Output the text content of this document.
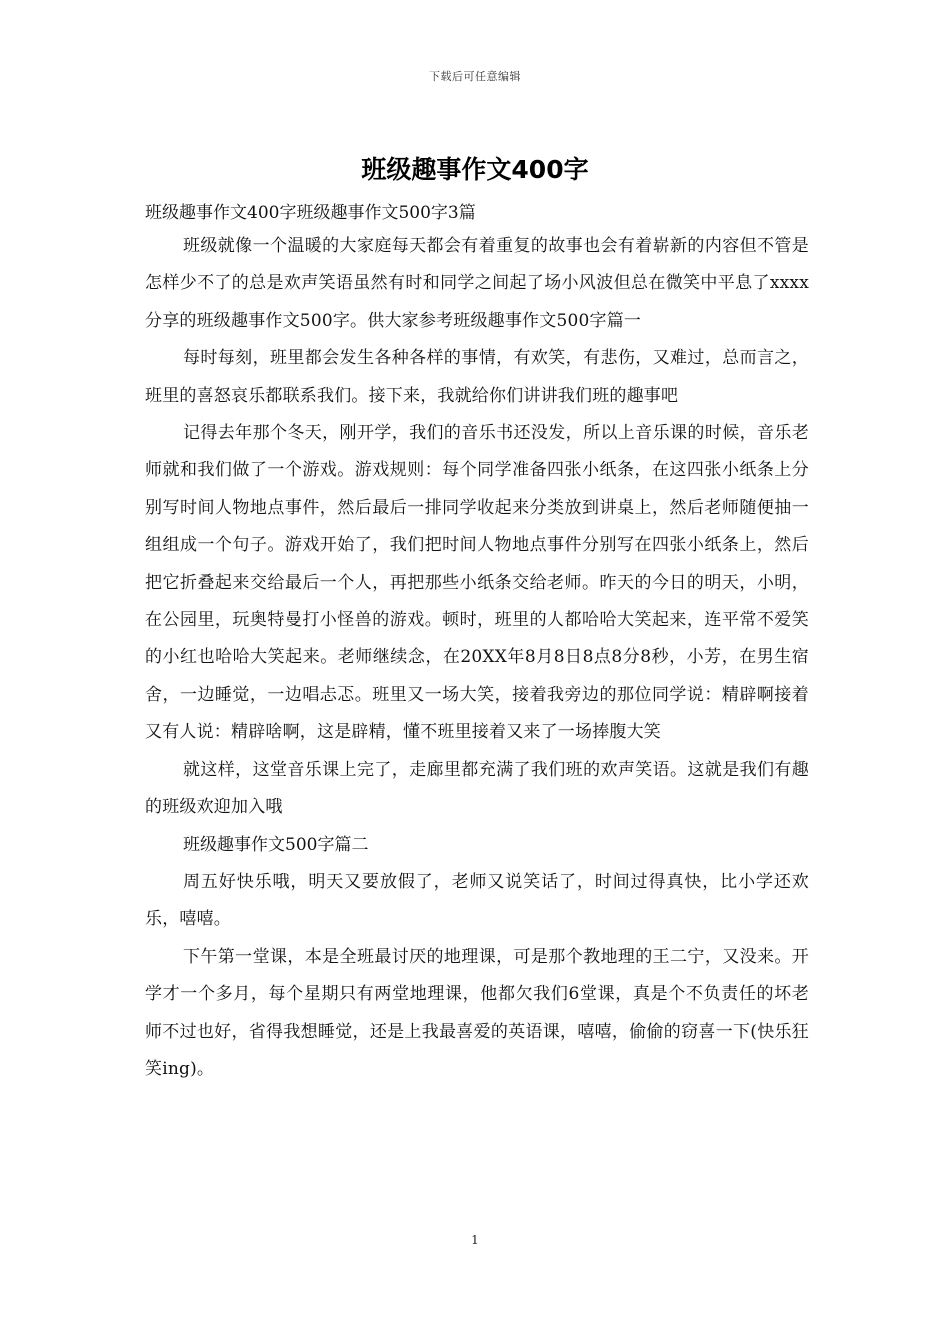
下载后可任意编辑
班级趣事作文400字

班级趣事作文400字班级趣事作文500字3篇

班级就像一个温暖的大家庭每天都会有着重复的故事也会有着崭新的内容但不管是怎样少不了的总是欢声笑语虽然有时和同学之间起了场小风波但总在微笑中平息了xxxx分享的班级趣事作文500字。供大家参考班级趣事作文500字篇一

每时每刻，班里都会发生各种各样的事情，有欢笑，有悲伤，又难过，总而言之，班里的喜怒哀乐都联系我们。接下来，我就给你们讲讲我们班的趣事吧

记得去年那个冬天，刚开学，我们的音乐书还没发，所以上音乐课的时候，音乐老师就和我们做了一个游戏。游戏规则：每个同学准备四张小纸条，在这四张小纸条上分别写时间人物地点事件，然后最后一排同学收起来分类放到讲桌上，然后老师随便抽一组组成一个句子。游戏开始了，我们把时间人物地点事件分别写在四张小纸条上，然后把它折叠起来交给最后一个人，再把那些小纸条交给老师。昨天的今日的明天，小明，在公园里，玩奥特曼打小怪兽的游戏。顿时，班里的人都哈哈大笑起来，连平常不爱笑的小红也哈哈大笑起来。老师继续念，在20XX年8月8日8点8分8秒，小芳，在男生宿舍，一边睡觉，一边唱忐忑。班里又一场大笑，接着我旁边的那位同学说：精辟啊接着又有人说：精辟啥啊，这是辟精，懂不班里接着又来了一场捧腹大笑

就这样，这堂音乐课上完了，走廊里都充满了我们班的欢声笑语。这就是我们有趣的班级欢迎加入哦

班级趣事作文500字篇二

周五好快乐哦，明天又要放假了，老师又说笑话了，时间过得真快，比小学还欢乐，嘻嘻。

下午第一堂课，本是全班最讨厌的地理课，可是那个教地理的王二宁，又没来。开学才一个多月，每个星期只有两堂地理课，他都欠我们6堂课，真是个不负责任的坏老师不过也好，省得我想睡觉，还是上我最喜爱的英语课，嘻嘻，偷偷的窃喜一下(快乐狂笑ing)。

1
